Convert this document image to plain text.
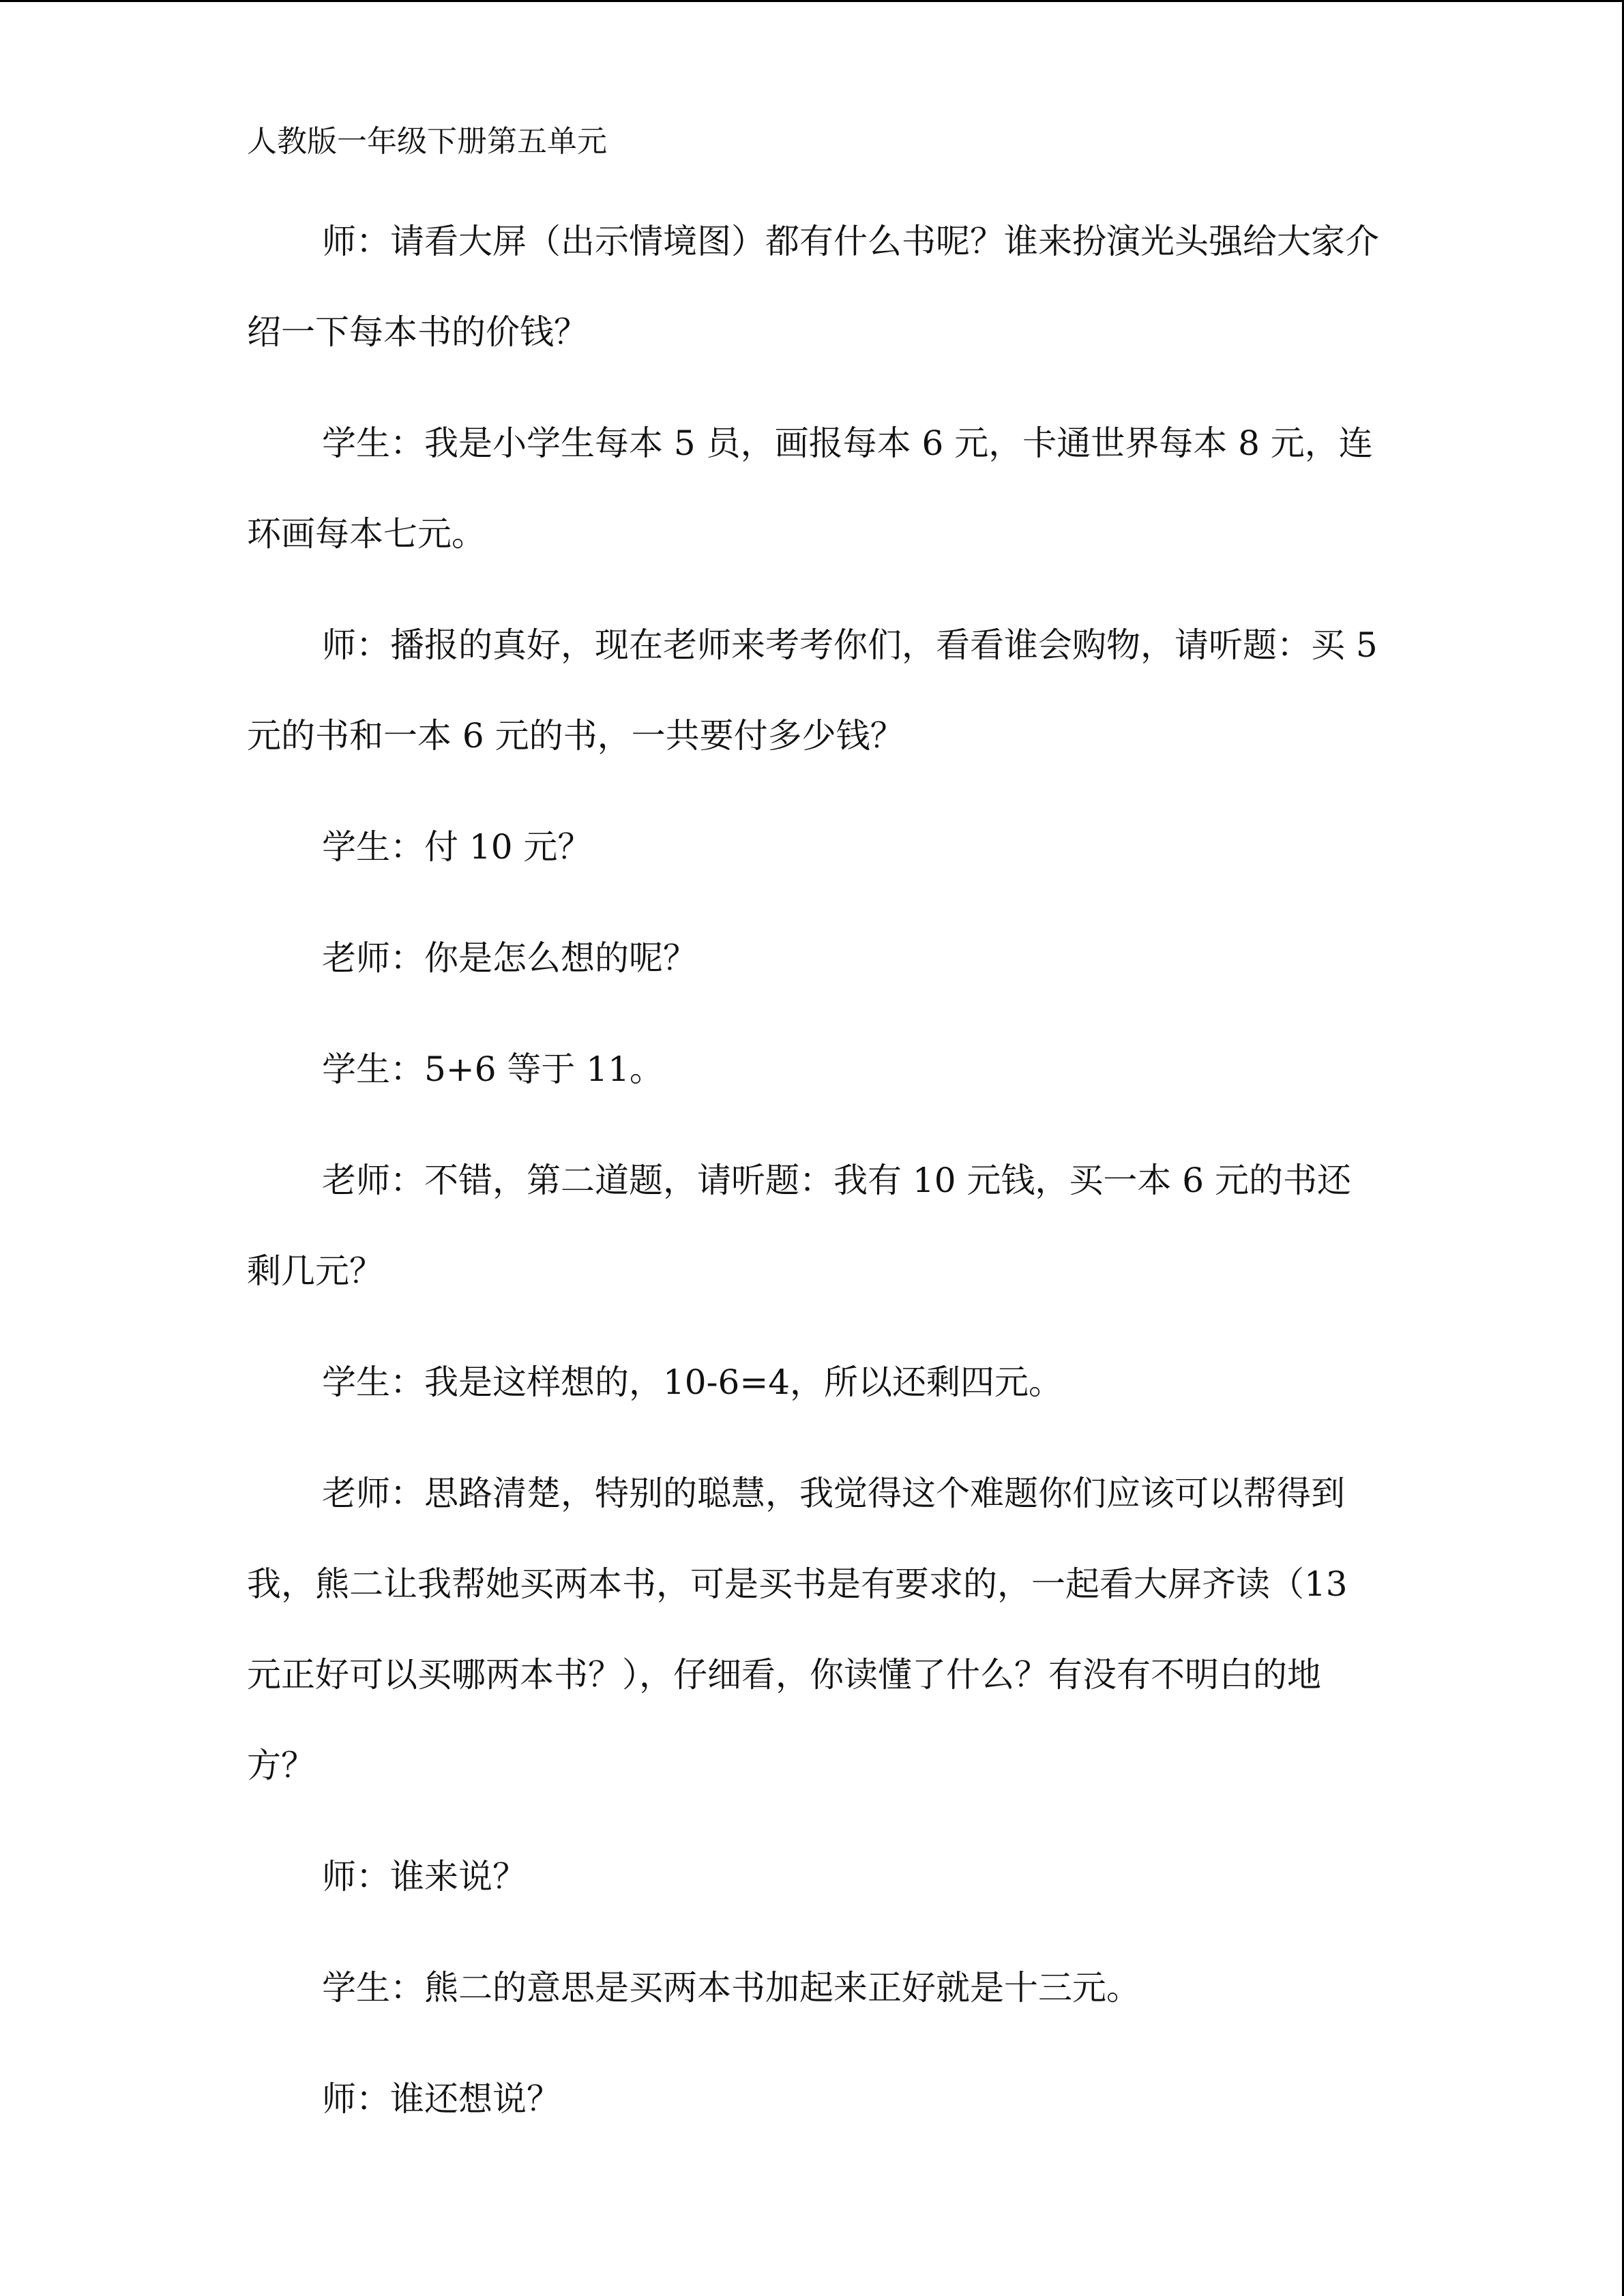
人教版一年级下册第五单元

师：请看大屏（出示情境图）都有什么书呢？谁来扮演光头强给大家介绍一下每本书的价钱？

学生：我是小学生每本 5 员，画报每本 6 元，卡通世界每本 8 元，连环画每本七元。

师：播报的真好，现在老师来考考你们，看看谁会购物，请听题：买 5 元的书和一本 6 元的书，一共要付多少钱？

学生：付 10 元？

老师：你是怎么想的呢？

学生：5+6 等于 11。

老师：不错，第二道题，请听题：我有 10 元钱，买一本 6 元的书还剩几元？

学生：我是这样想的，10-6=4，所以还剩四元。

老师：思路清楚，特别的聪慧，我觉得这个难题你们应该可以帮得到我，熊二让我帮她买两本书，可是买书是有要求的，一起看大屏齐读（13 元正好可以买哪两本书？），仔细看，你读懂了什么？有没有不明白的地方？

师：谁来说？

学生：熊二的意思是买两本书加起来正好就是十三元。

师：谁还想说？
